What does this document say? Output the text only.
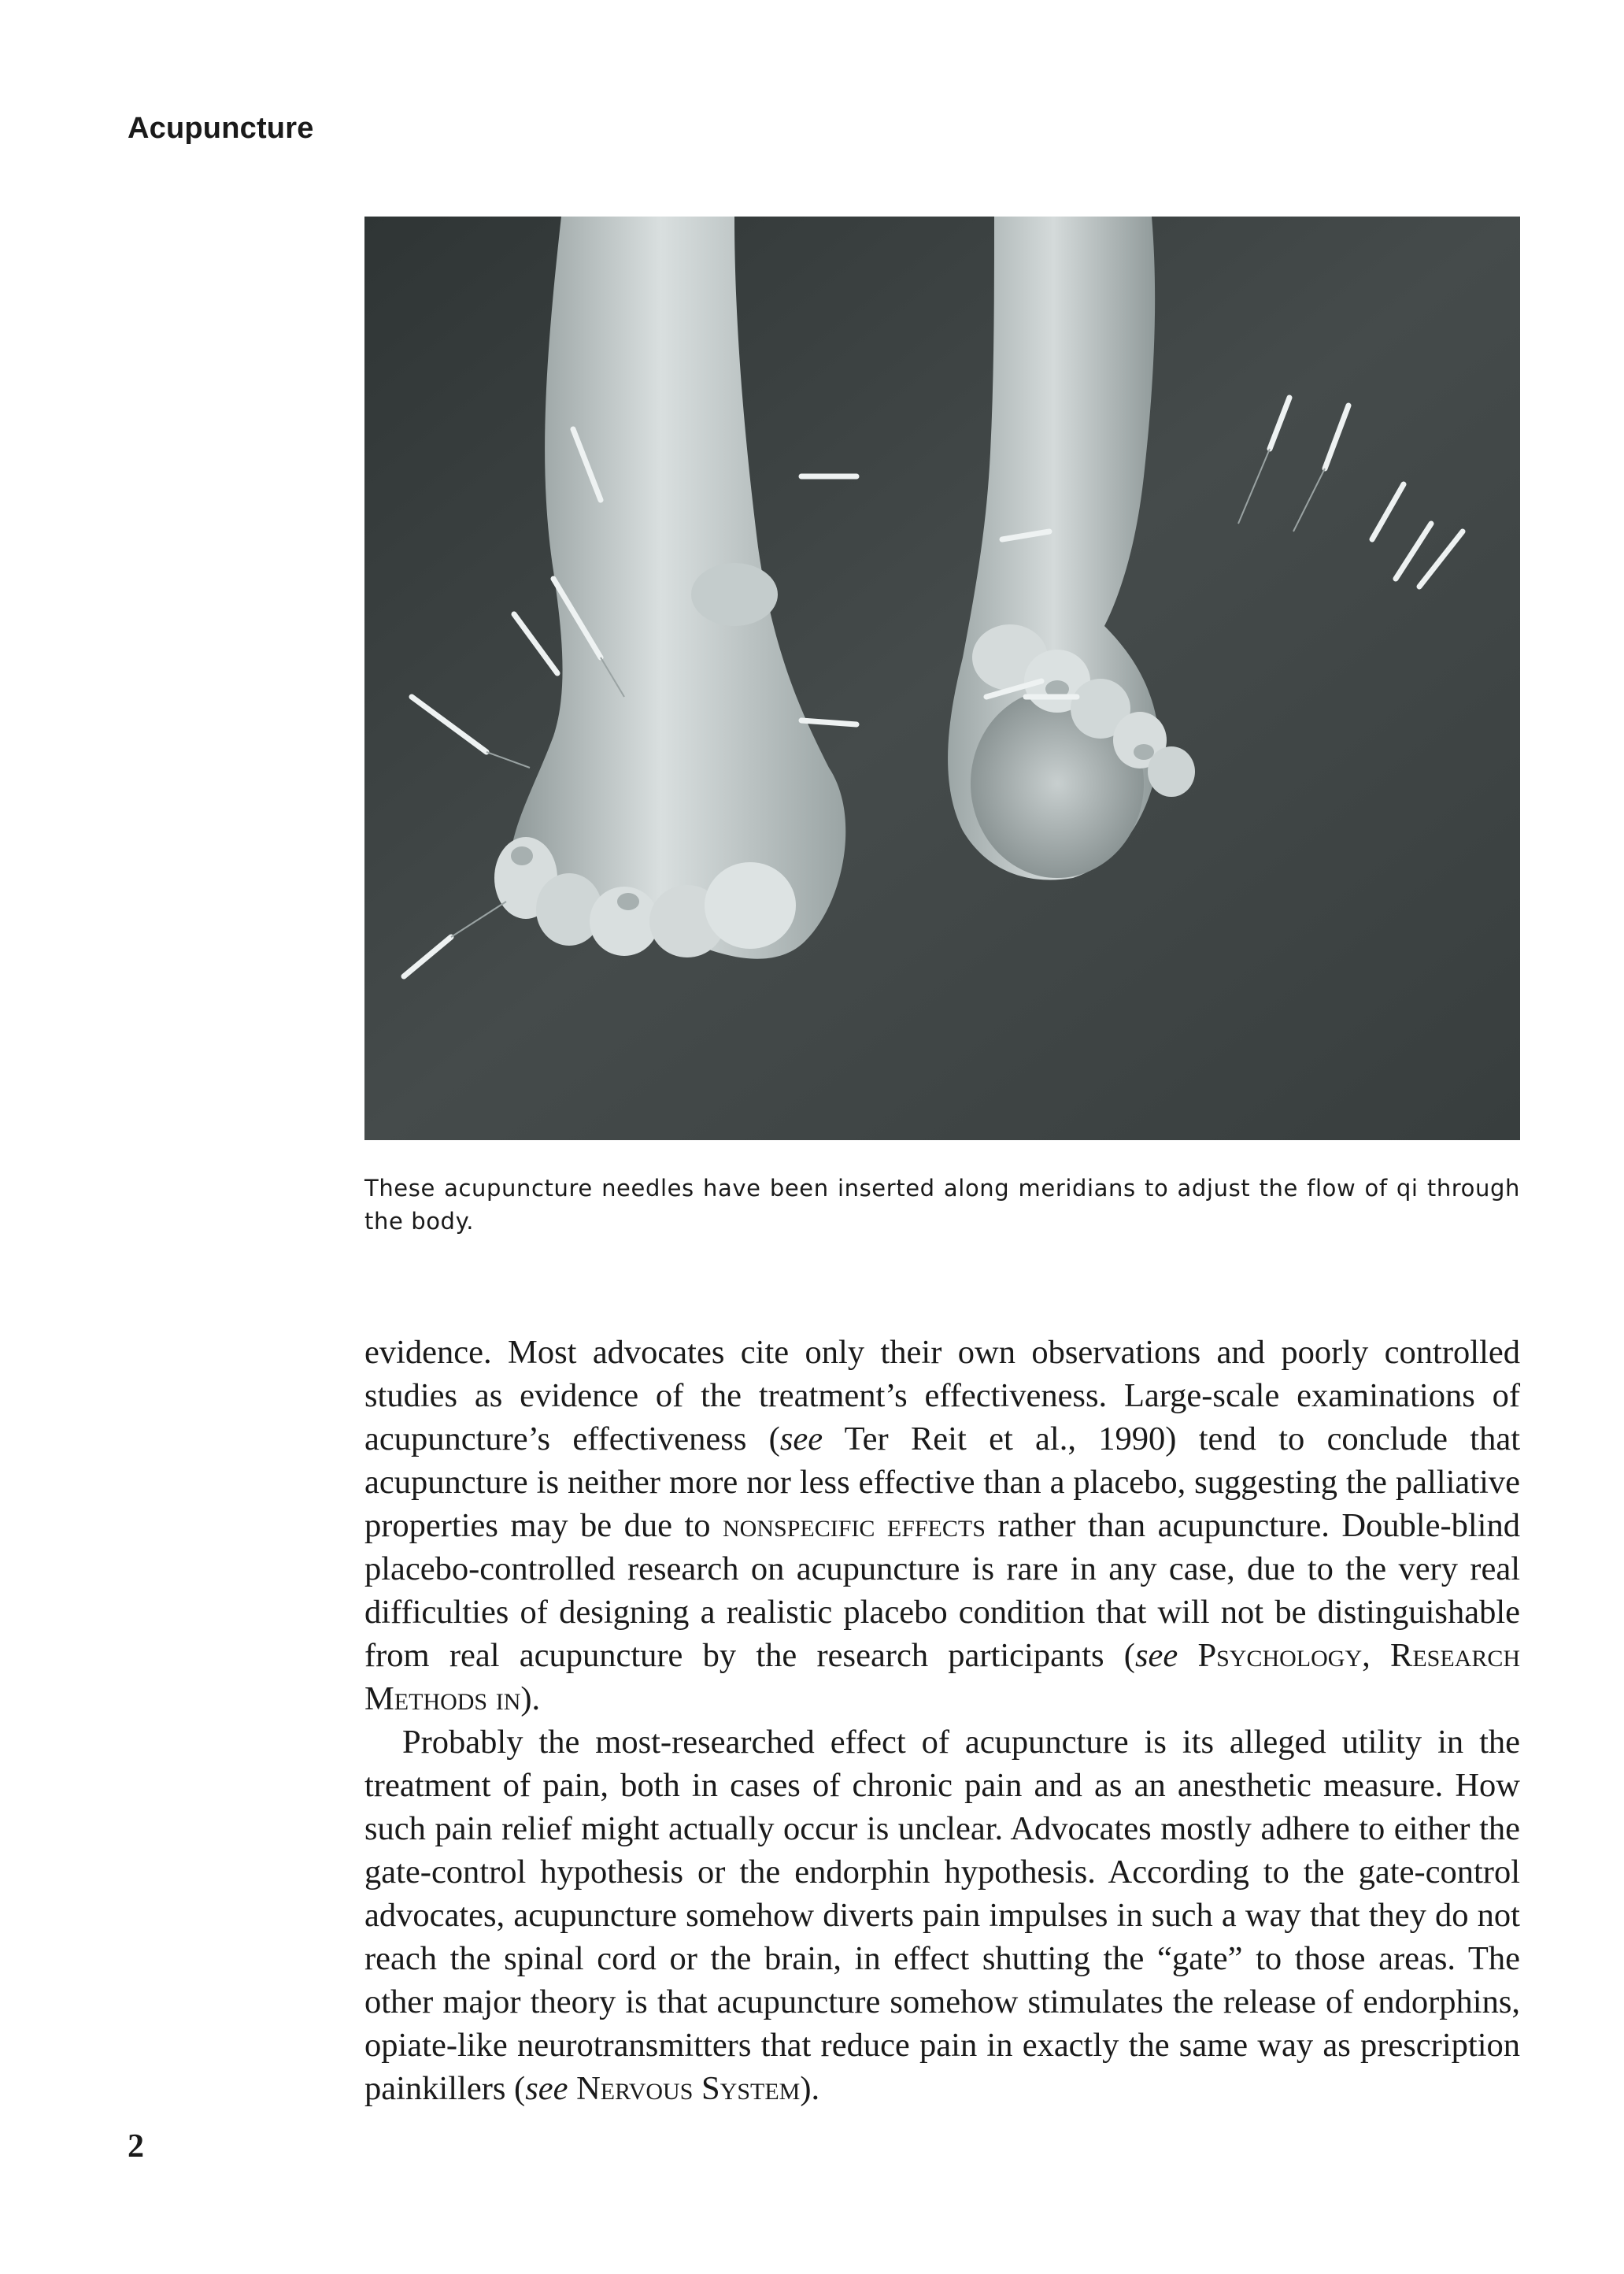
Acupuncture
These acupuncture needles have been inserted along meridians to adjust the flow of qi through the body.

evidence. Most advocates cite only their own observations and poorly controlled studies as evidence of the treatment’s effectiveness. Large-scale examinations of acupuncture’s effectiveness (see Ter Reit et al., 1990) tend to conclude that acupuncture is neither more nor less effective than a placebo, suggesting the palliative properties may be due to nonspecific effects rather than acupuncture. Double-blind placebo-controlled research on acupuncture is rare in any case, due to the very real difficulties of designing a realistic placebo condition that will not be distinguishable from real acupuncture by the research participants (see Psychology, Research Methods in).

Probably the most-researched effect of acupuncture is its alleged utility in the treatment of pain, both in cases of chronic pain and as an anesthetic measure. How such pain relief might actually occur is unclear. Advocates mostly adhere to either the gate-control hypothesis or the endorphin hypothesis. According to the gate-control advocates, acupuncture somehow diverts pain impulses in such a way that they do not reach the spinal cord or the brain, in effect shutting the “gate” to those areas. The other major theory is that acupuncture somehow stimulates the release of endorphins, opiate-like neurotransmitters that reduce pain in exactly the same way as prescription painkillers (see Nervous System).

2
